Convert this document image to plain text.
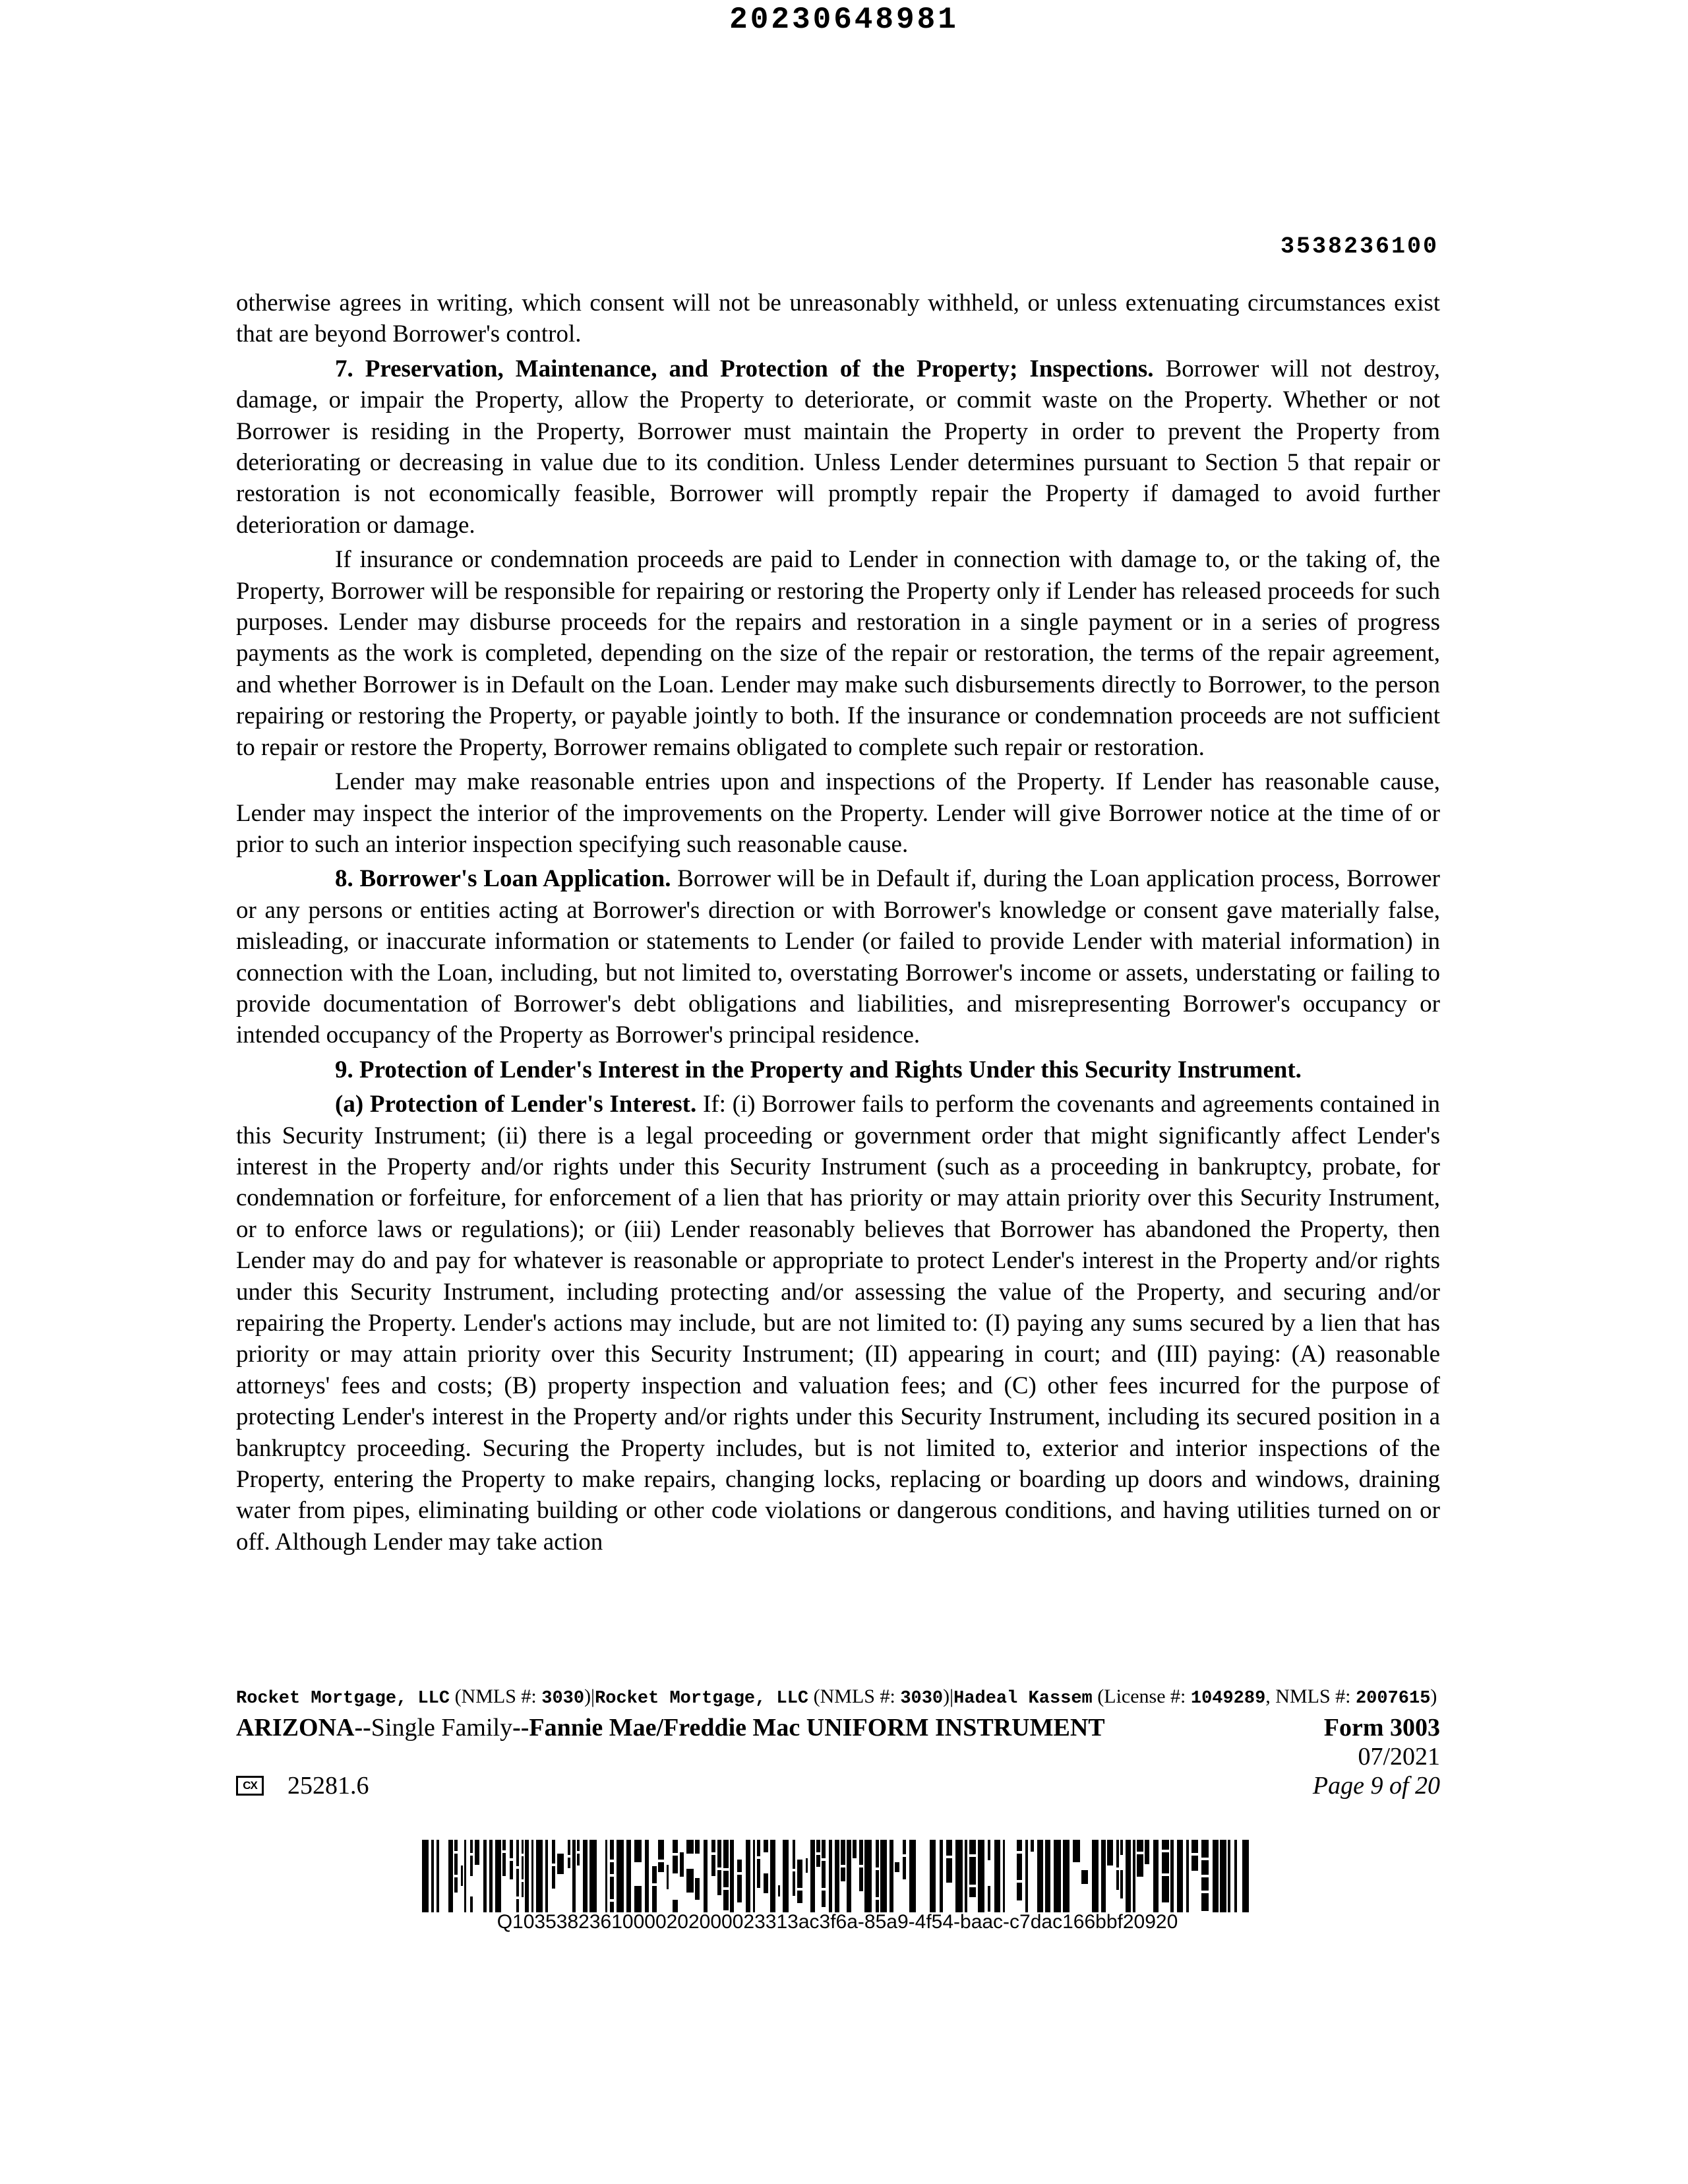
20230648981
3538236100

otherwise agrees in writing, which consent will not be unreasonably withheld, or unless extenuating circumstances exist that are beyond Borrower's control.

7. Preservation, Maintenance, and Protection of the Property; Inspections. Borrower will not destroy, damage, or impair the Property, allow the Property to deteriorate, or commit waste on the Property. Whether or not Borrower is residing in the Property, Borrower must maintain the Property in order to prevent the Property from deteriorating or decreasing in value due to its condition. Unless Lender determines pursuant to Section 5 that repair or restoration is not economically feasible, Borrower will promptly repair the Property if damaged to avoid further deterioration or damage.

If insurance or condemnation proceeds are paid to Lender in connection with damage to, or the taking of, the Property, Borrower will be responsible for repairing or restoring the Property only if Lender has released proceeds for such purposes. Lender may disburse proceeds for the repairs and restoration in a single payment or in a series of progress payments as the work is completed, depending on the size of the repair or restoration, the terms of the repair agreement, and whether Borrower is in Default on the Loan. Lender may make such disbursements directly to Borrower, to the person repairing or restoring the Property, or payable jointly to both. If the insurance or condemnation proceeds are not sufficient to repair or restore the Property, Borrower remains obligated to complete such repair or restoration.

Lender may make reasonable entries upon and inspections of the Property. If Lender has reasonable cause, Lender may inspect the interior of the improvements on the Property. Lender will give Borrower notice at the time of or prior to such an interior inspection specifying such reasonable cause.

8. Borrower's Loan Application. Borrower will be in Default if, during the Loan application process, Borrower or any persons or entities acting at Borrower's direction or with Borrower's knowledge or consent gave materially false, misleading, or inaccurate information or statements to Lender (or failed to provide Lender with material information) in connection with the Loan, including, but not limited to, overstating Borrower's income or assets, understating or failing to provide documentation of Borrower's debt obligations and liabilities, and misrepresenting Borrower's occupancy or intended occupancy of the Property as Borrower's principal residence.

9. Protection of Lender's Interest in the Property and Rights Under this Security Instrument.

(a) Protection of Lender's Interest. If: (i) Borrower fails to perform the covenants and agreements contained in this Security Instrument; (ii) there is a legal proceeding or government order that might significantly affect Lender's interest in the Property and/or rights under this Security Instrument (such as a proceeding in bankruptcy, probate, for condemnation or forfeiture, for enforcement of a lien that has priority or may attain priority over this Security Instrument, or to enforce laws or regulations); or (iii) Lender reasonably believes that Borrower has abandoned the Property, then Lender may do and pay for whatever is reasonable or appropriate to protect Lender's interest in the Property and/or rights under this Security Instrument, including protecting and/or assessing the value of the Property, and securing and/or repairing the Property. Lender's actions may include, but are not limited to: (I) paying any sums secured by a lien that has priority or may attain priority over this Security Instrument; (II) appearing in court; and (III) paying: (A) reasonable attorneys' fees and costs; (B) property inspection and valuation fees; and (C) other fees incurred for the purpose of protecting Lender's interest in the Property and/or rights under this Security Instrument, including its secured position in a bankruptcy proceeding. Securing the Property includes, but is not limited to, exterior and interior inspections of the Property, entering the Property to make repairs, changing locks, replacing or boarding up doors and windows, draining water from pipes, eliminating building or other code violations or dangerous conditions, and having utilities turned on or off. Although Lender may take action

Rocket Mortgage, LLC (NMLS #: 3030)|Rocket Mortgage, LLC (NMLS #: 3030)|Hadeal Kassem (License #: 1049289, NMLS #: 2007615)
ARIZONA--Single Family--Fannie Mae/Freddie Mac UNIFORM INSTRUMENT	Form 3003
07/2021
CX 25281.6	Page 9 of 20
Q10353823610000202000023313ac3f6a-85a9-4f54-baac-c7dac166bbf20920
